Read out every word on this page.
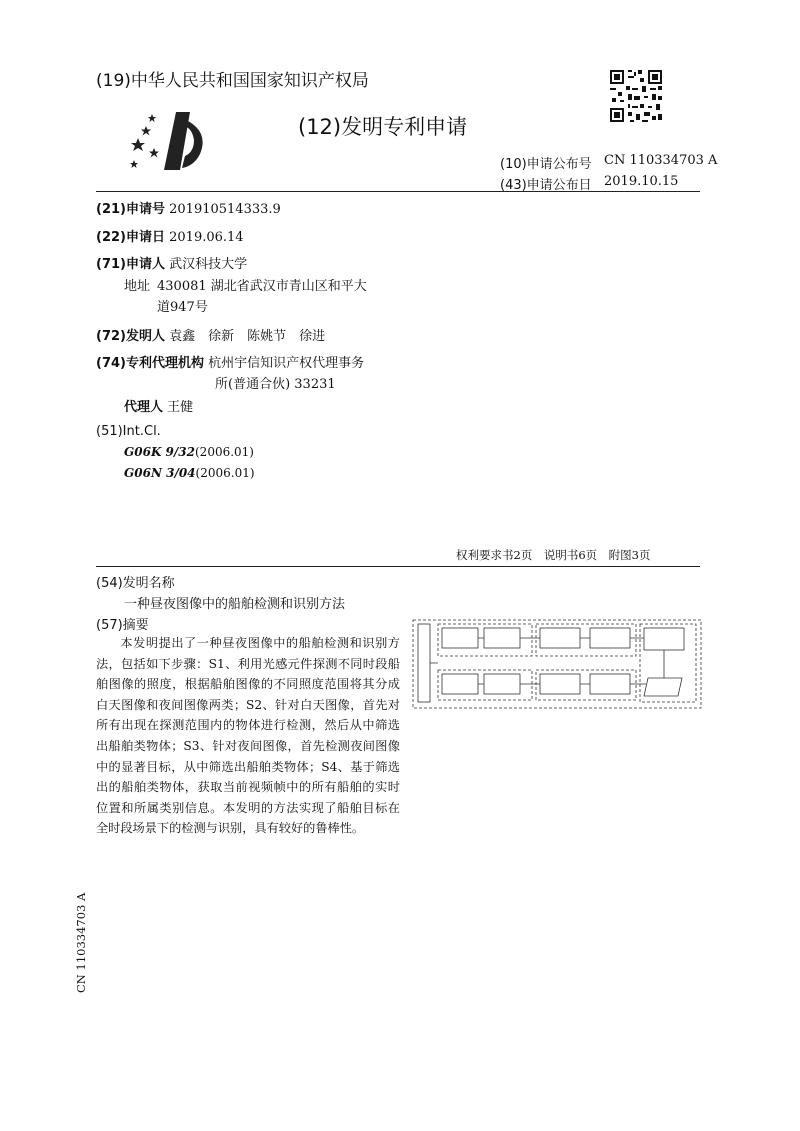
(19)中华人民共和国国家知识产权局
(12)发明专利申请
(10)申请公布号 CN 110334703 A
(43)申请公布日 2019.10.15
(21)申请号 201910514333.9
(22)申请日 2019.06.14
(71)申请人 武汉科技大学
地址 430081 湖北省武汉市青山区和平大
道947号
(72)发明人 袁鑫　徐新　陈姚节　徐进
(74)专利代理机构 杭州宇信知识产权代理事务
所(普通合伙) 33231
代理人 王健
(51)Int.Cl.
G06K 9/32(2006.01)
G06N 3/04(2006.01)
权利要求书2页　说明书6页　附图3页
(54)发明名称
一种昼夜图像中的船舶检测和识别方法
(57)摘要
本发明提出了一种昼夜图像中的船舶检测和识别方法，包括如下步骤：S1、利用光感元件探测不同时段船舶图像的照度，根据船舶图像的不同照度范围将其分成白天图像和夜间图像两类；S2、针对白天图像，首先对所有出现在探测范围内的物体进行检测，然后从中筛选出船舶类物体；S3、针对夜间图像，首先检测夜间图像中的显著目标，从中筛选出船舶类物体；S4、基于筛选出的船舶类物体，获取当前视频帧中的所有船舶的实时位置和所属类别信息。本发明的方法实现了船舶目标在全时段场景下的检测与识别，具有较好的鲁棒性。
CN 110334703 A
